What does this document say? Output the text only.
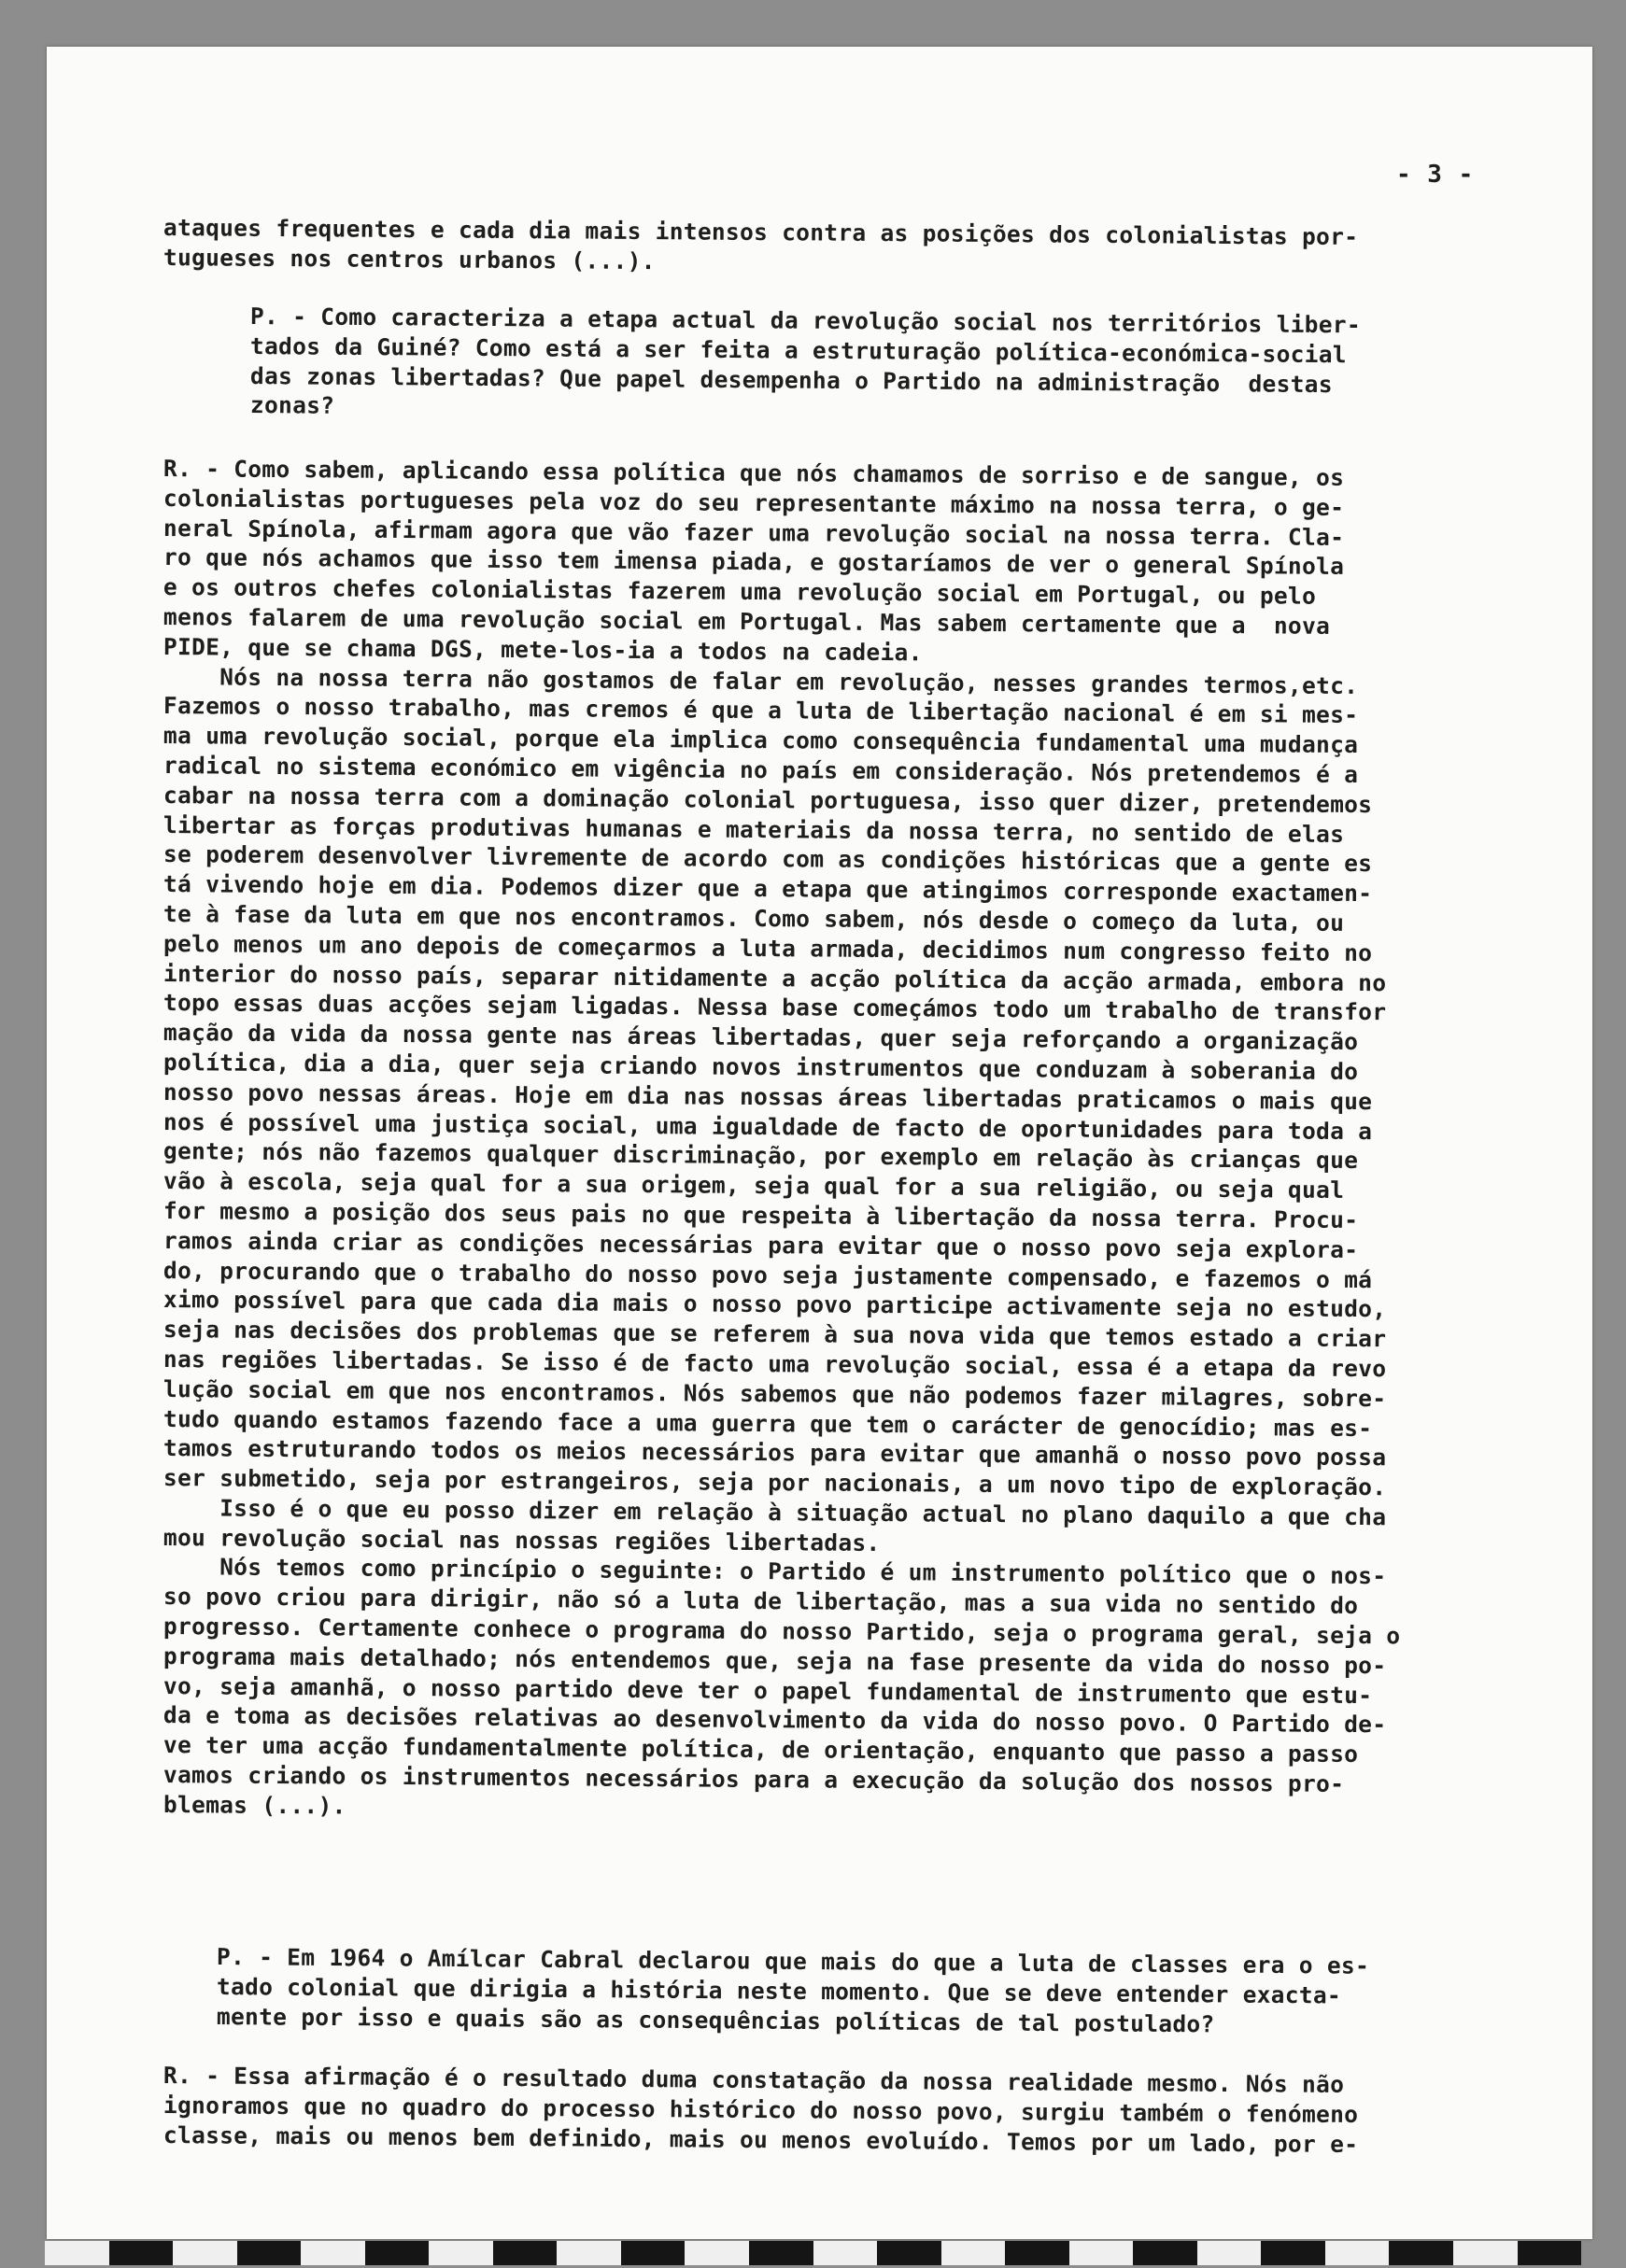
- 3 -
ataques frequentes e cada dia mais intensos contra as posições dos colonialistas por-
tugueses nos centros urbanos (...).
P. - Como caracteriza a etapa actual da revolução social nos territórios liber-
tados da Guiné? Como está a ser feita a estruturação política-económica-social
das zonas libertadas? Que papel desempenha o Partido na administração  destas
zonas?
R. - Como sabem, aplicando essa política que nós chamamos de sorriso e de sangue, os
colonialistas portugueses pela voz do seu representante máximo na nossa terra, o ge-
neral Spínola, afirmam agora que vão fazer uma revolução social na nossa terra. Cla-
ro que nós achamos que isso tem imensa piada, e gostaríamos de ver o general Spínola
e os outros chefes colonialistas fazerem uma revolução social em Portugal, ou pelo
menos falarem de uma revolução social em Portugal. Mas sabem certamente que a  nova
PIDE, que se chama DGS, mete-los-ia a todos na cadeia.
Nós na nossa terra não gostamos de falar em revolução, nesses grandes termos,etc.
Fazemos o nosso trabalho, mas cremos é que a luta de libertação nacional é em si mes-
ma uma revolução social, porque ela implica como consequência fundamental uma mudança
radical no sistema económico em vigência no país em consideração. Nós pretendemos é a
cabar na nossa terra com a dominação colonial portuguesa, isso quer dizer, pretendemos
libertar as forças produtivas humanas e materiais da nossa terra, no sentido de elas
se poderem desenvolver livremente de acordo com as condições históricas que a gente es
tá vivendo hoje em dia. Podemos dizer que a etapa que atingimos corresponde exactamen-
te à fase da luta em que nos encontramos. Como sabem, nós desde o começo da luta, ou
pelo menos um ano depois de começarmos a luta armada, decidimos num congresso feito no
interior do nosso país, separar nitidamente a acção política da acção armada, embora no
topo essas duas acções sejam ligadas. Nessa base começámos todo um trabalho de transfor
mação da vida da nossa gente nas áreas libertadas, quer seja reforçando a organização
política, dia a dia, quer seja criando novos instrumentos que conduzam à soberania do
nosso povo nessas áreas. Hoje em dia nas nossas áreas libertadas praticamos o mais que
nos é possível uma justiça social, uma igualdade de facto de oportunidades para toda a
gente; nós não fazemos qualquer discriminação, por exemplo em relação às crianças que
vão à escola, seja qual for a sua origem, seja qual for a sua religião, ou seja qual
for mesmo a posição dos seus pais no que respeita à libertação da nossa terra. Procu-
ramos ainda criar as condições necessárias para evitar que o nosso povo seja explora-
do, procurando que o trabalho do nosso povo seja justamente compensado, e fazemos o má
ximo possível para que cada dia mais o nosso povo participe activamente seja no estudo,
seja nas decisões dos problemas que se referem à sua nova vida que temos estado a criar
nas regiões libertadas. Se isso é de facto uma revolução social, essa é a etapa da revo
lução social em que nos encontramos. Nós sabemos que não podemos fazer milagres, sobre-
tudo quando estamos fazendo face a uma guerra que tem o carácter de genocídio; mas es-
tamos estruturando todos os meios necessários para evitar que amanhã o nosso povo possa
ser submetido, seja por estrangeiros, seja por nacionais, a um novo tipo de exploração.
Isso é o que eu posso dizer em relação à situação actual no plano daquilo a que cha
mou revolução social nas nossas regiões libertadas.
Nós temos como princípio o seguinte: o Partido é um instrumento político que o nos-
so povo criou para dirigir, não só a luta de libertação, mas a sua vida no sentido do
progresso. Certamente conhece o programa do nosso Partido, seja o programa geral, seja o
programa mais detalhado; nós entendemos que, seja na fase presente da vida do nosso po-
vo, seja amanhã, o nosso partido deve ter o papel fundamental de instrumento que estu-
da e toma as decisões relativas ao desenvolvimento da vida do nosso povo. O Partido de-
ve ter uma acção fundamentalmente política, de orientação, enquanto que passo a passo
vamos criando os instrumentos necessários para a execução da solução dos nossos pro-
blemas (...).
P. - Em 1964 o Amílcar Cabral declarou que mais do que a luta de classes era o es-
tado colonial que dirigia a história neste momento. Que se deve entender exacta-
mente por isso e quais são as consequências políticas de tal postulado?
R. - Essa afirmação é o resultado duma constatação da nossa realidade mesmo. Nós não
ignoramos que no quadro do processo histórico do nosso povo, surgiu também o fenómeno
classe, mais ou menos bem definido, mais ou menos evoluído. Temos por um lado, por e-
